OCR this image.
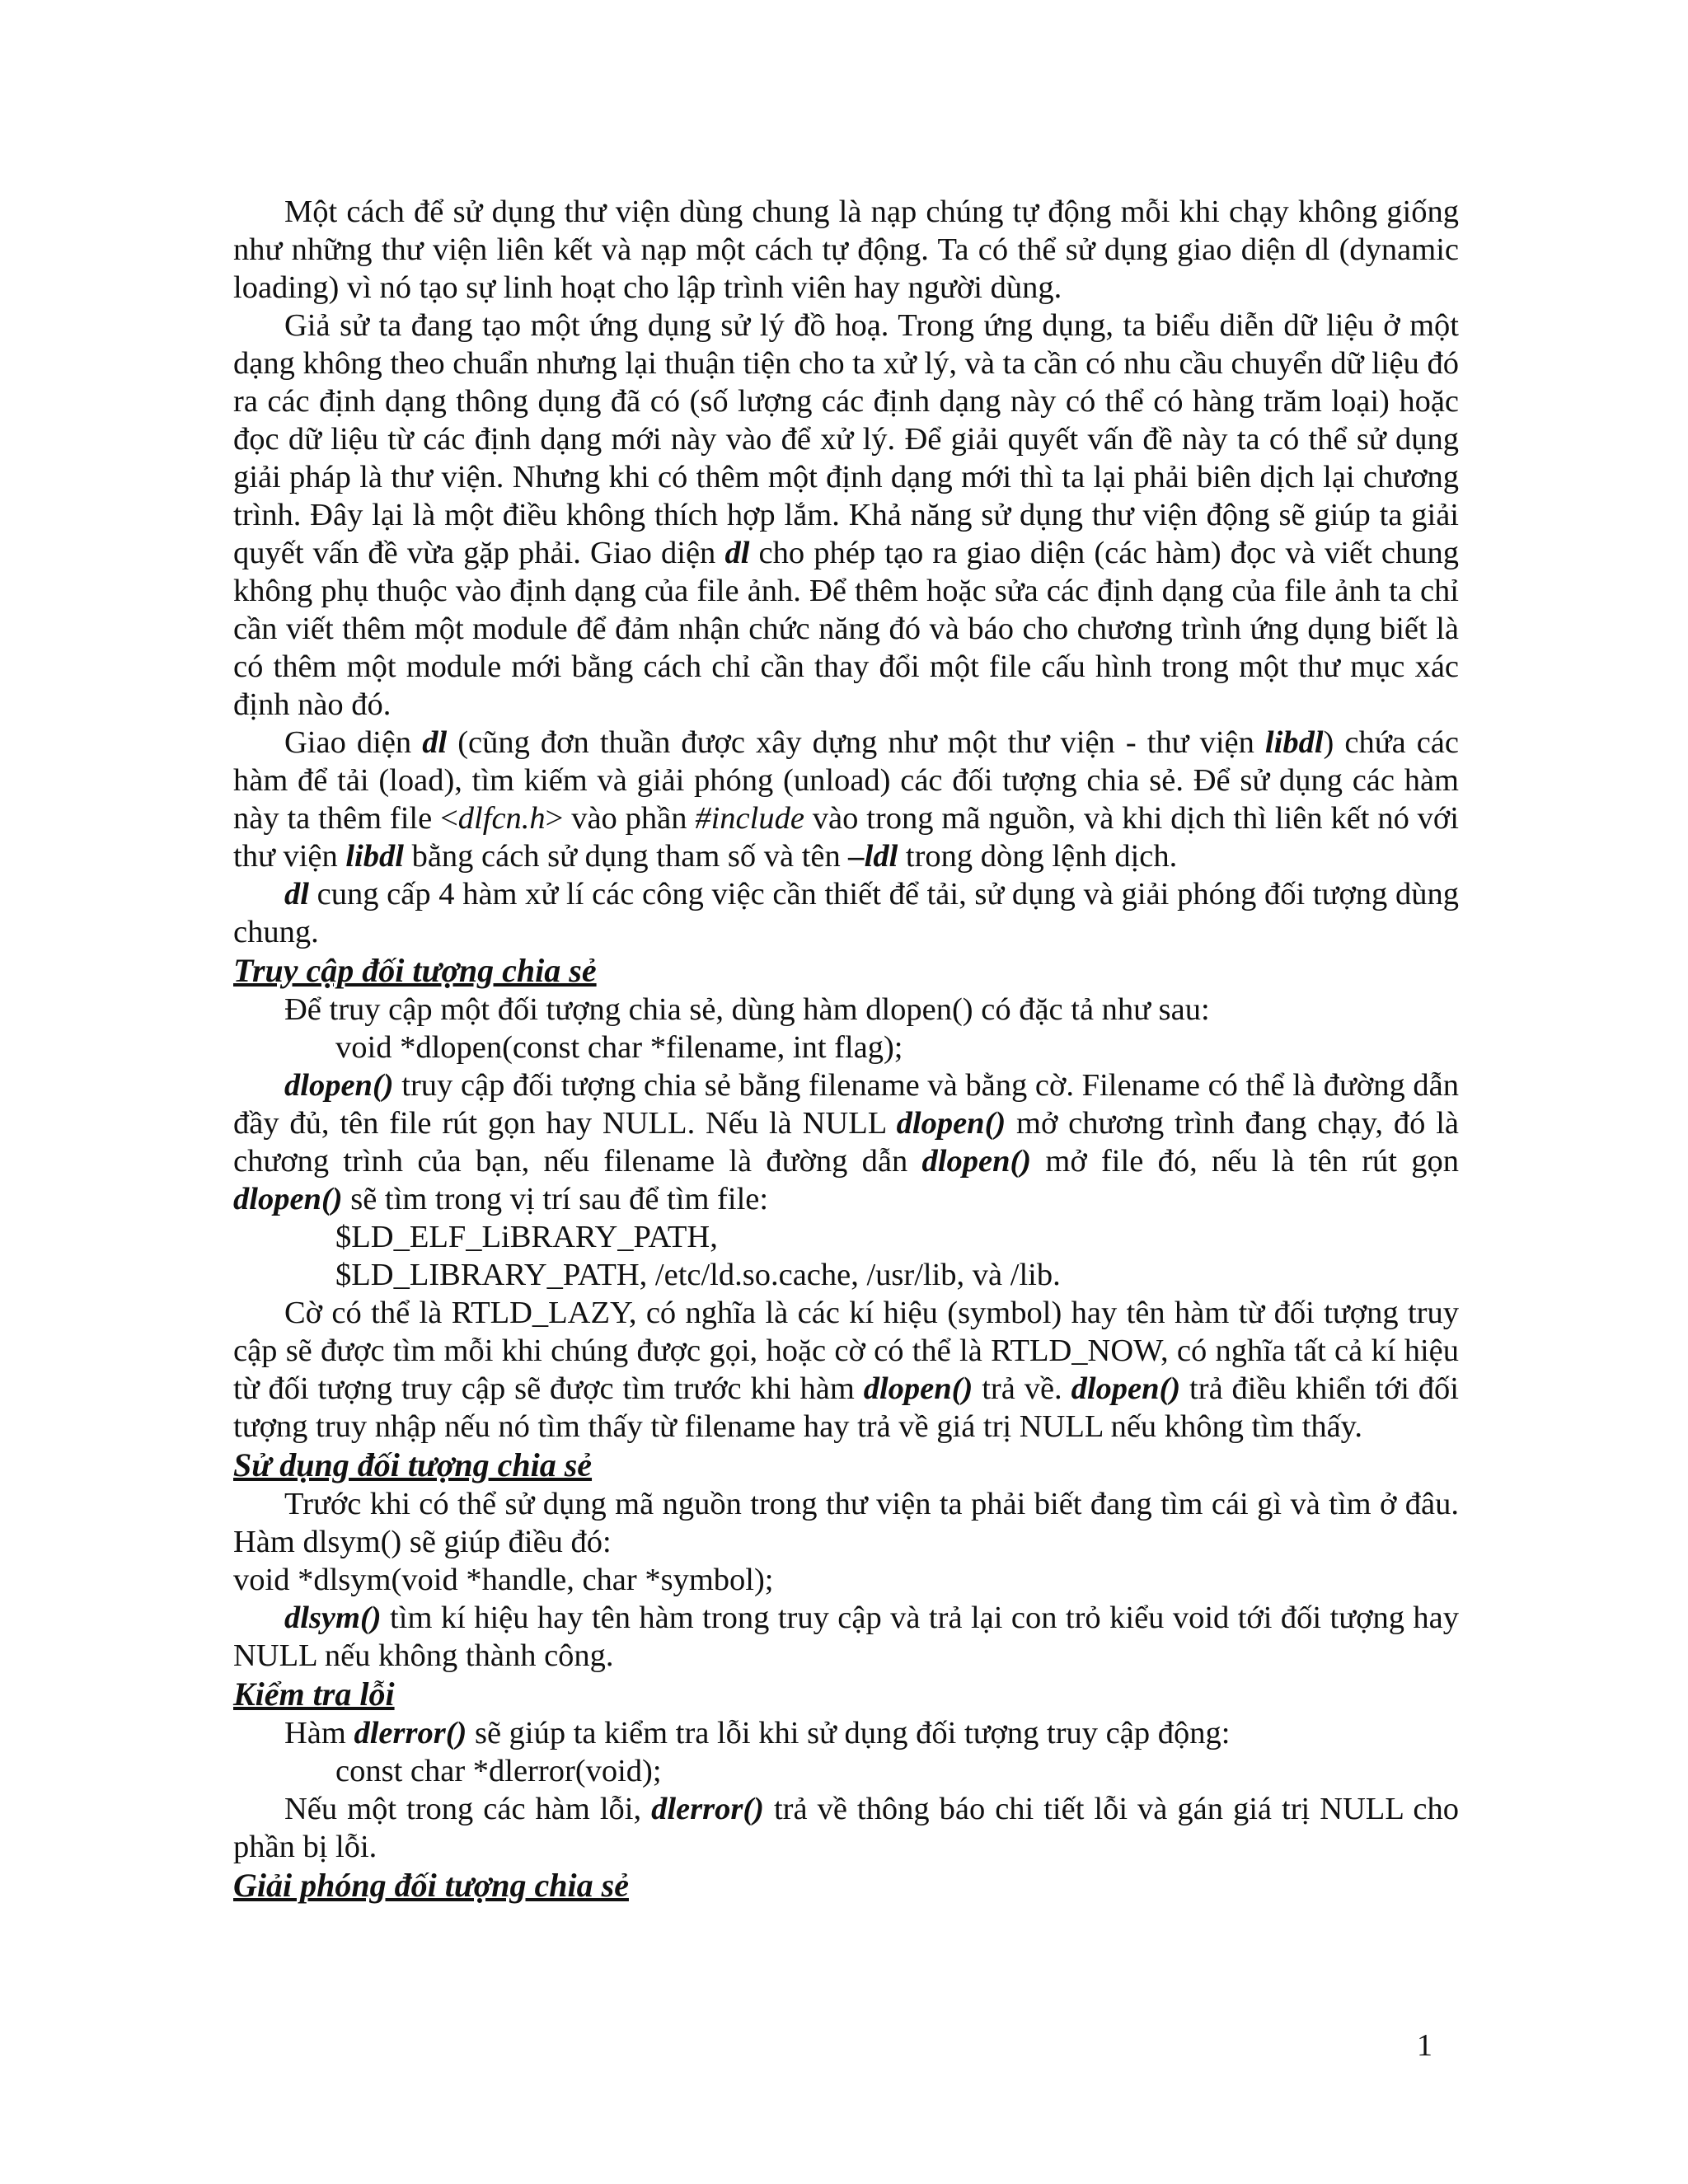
Một cách để sử dụng thư viện dùng chung là nạp chúng tự động mỗi khi chạy không giống như những thư viện liên kết và nạp một cách tự động. Ta có thể sử dụng giao diện dl (dynamic loading) vì nó tạo sự linh hoạt cho lập trình viên hay người dùng.

Giả sử ta đang tạo một ứng dụng sử lý đồ hoạ. Trong ứng dụng, ta biểu diễn dữ liệu ở một dạng không theo chuẩn nhưng lại thuận tiện cho ta xử lý, và ta cần có nhu cầu chuyển dữ liệu đó ra các định dạng thông dụng đã có (số lượng các định dạng này có thể có hàng trăm loại) hoặc đọc dữ liệu từ các định dạng mới này vào để xử lý. Để giải quyết vấn đề này ta có thể sử dụng giải pháp là thư viện. Nhưng khi có thêm một định dạng mới thì ta lại phải biên dịch lại chương trình. Đây lại là một điều không thích hợp lắm. Khả năng sử dụng thư viện động sẽ giúp ta giải quyết vấn đề vừa gặp phải. Giao diện dl cho phép tạo ra giao diện (các hàm) đọc và viết chung không phụ thuộc vào định dạng của file ảnh. Để thêm hoặc sửa các định dạng của file ảnh ta chỉ cần viết thêm một module để đảm nhận chức năng đó và báo cho chương trình ứng dụng biết là có thêm một module mới bằng cách chỉ cần thay đổi một file cấu hình trong một thư mục xác định nào đó.

Giao diện dl (cũng đơn thuần được xây dựng như một thư viện - thư viện libdl) chứa các hàm để tải (load), tìm kiếm và giải phóng (unload) các đối tượng chia sẻ. Để sử dụng các hàm này ta thêm file <dlfcn.h> vào phần #include vào trong mã nguồn, và khi dịch thì liên kết nó với thư viện libdl bằng cách sử dụng tham số và tên –ldl trong dòng lệnh dịch.

dl cung cấp 4 hàm xử lí các công việc cần thiết để tải, sử dụng và giải phóng đối tượng dùng chung.

Truy cập đối tượng chia sẻ

Để truy cập một đối tượng chia sẻ, dùng hàm dlopen() có đặc tả như sau:

void *dlopen(const char *filename, int flag);

dlopen() truy cập đối tượng chia sẻ bằng filename và bằng cờ. Filename có thể là đường dẫn đầy đủ, tên file rút gọn hay NULL. Nếu là NULL dlopen() mở chương trình đang chạy, đó là chương trình của bạn, nếu filename là đường dẫn dlopen() mở file đó, nếu là tên rút gọn dlopen() sẽ tìm trong vị trí sau để tìm file:

$LD_ELF_LiBRARY_PATH,

$LD_LIBRARY_PATH, /etc/ld.so.cache, /usr/lib, và /lib.

Cờ có thể là RTLD_LAZY, có nghĩa là các kí hiệu (symbol) hay tên hàm từ đối tượng truy cập sẽ được tìm mỗi khi chúng được gọi, hoặc cờ có thể là RTLD_NOW, có nghĩa tất cả kí hiệu từ đối tượng truy cập sẽ được tìm trước khi hàm dlopen() trả về. dlopen() trả điều khiển tới đối tượng truy nhập nếu nó tìm thấy từ filename hay trả về giá trị NULL nếu không tìm thấy.

Sử dụng đối tượng chia sẻ

Trước khi có thể sử dụng mã nguồn trong thư viện ta phải biết đang tìm cái gì và tìm ở đâu. Hàm dlsym() sẽ giúp điều đó:

void *dlsym(void *handle, char *symbol);

dlsym() tìm kí hiệu hay tên hàm trong truy cập và trả lại con trỏ kiểu void tới đối tượng hay NULL nếu không thành công.

Kiểm tra lỗi

Hàm dlerror() sẽ giúp ta kiểm tra lỗi khi sử dụng đối tượng truy cập động:

const char *dlerror(void);

Nếu một trong các hàm lỗi, dlerror() trả về thông báo chi tiết lỗi và gán giá trị NULL cho phần bị lỗi.

Giải phóng đối tượng chia sẻ
1
